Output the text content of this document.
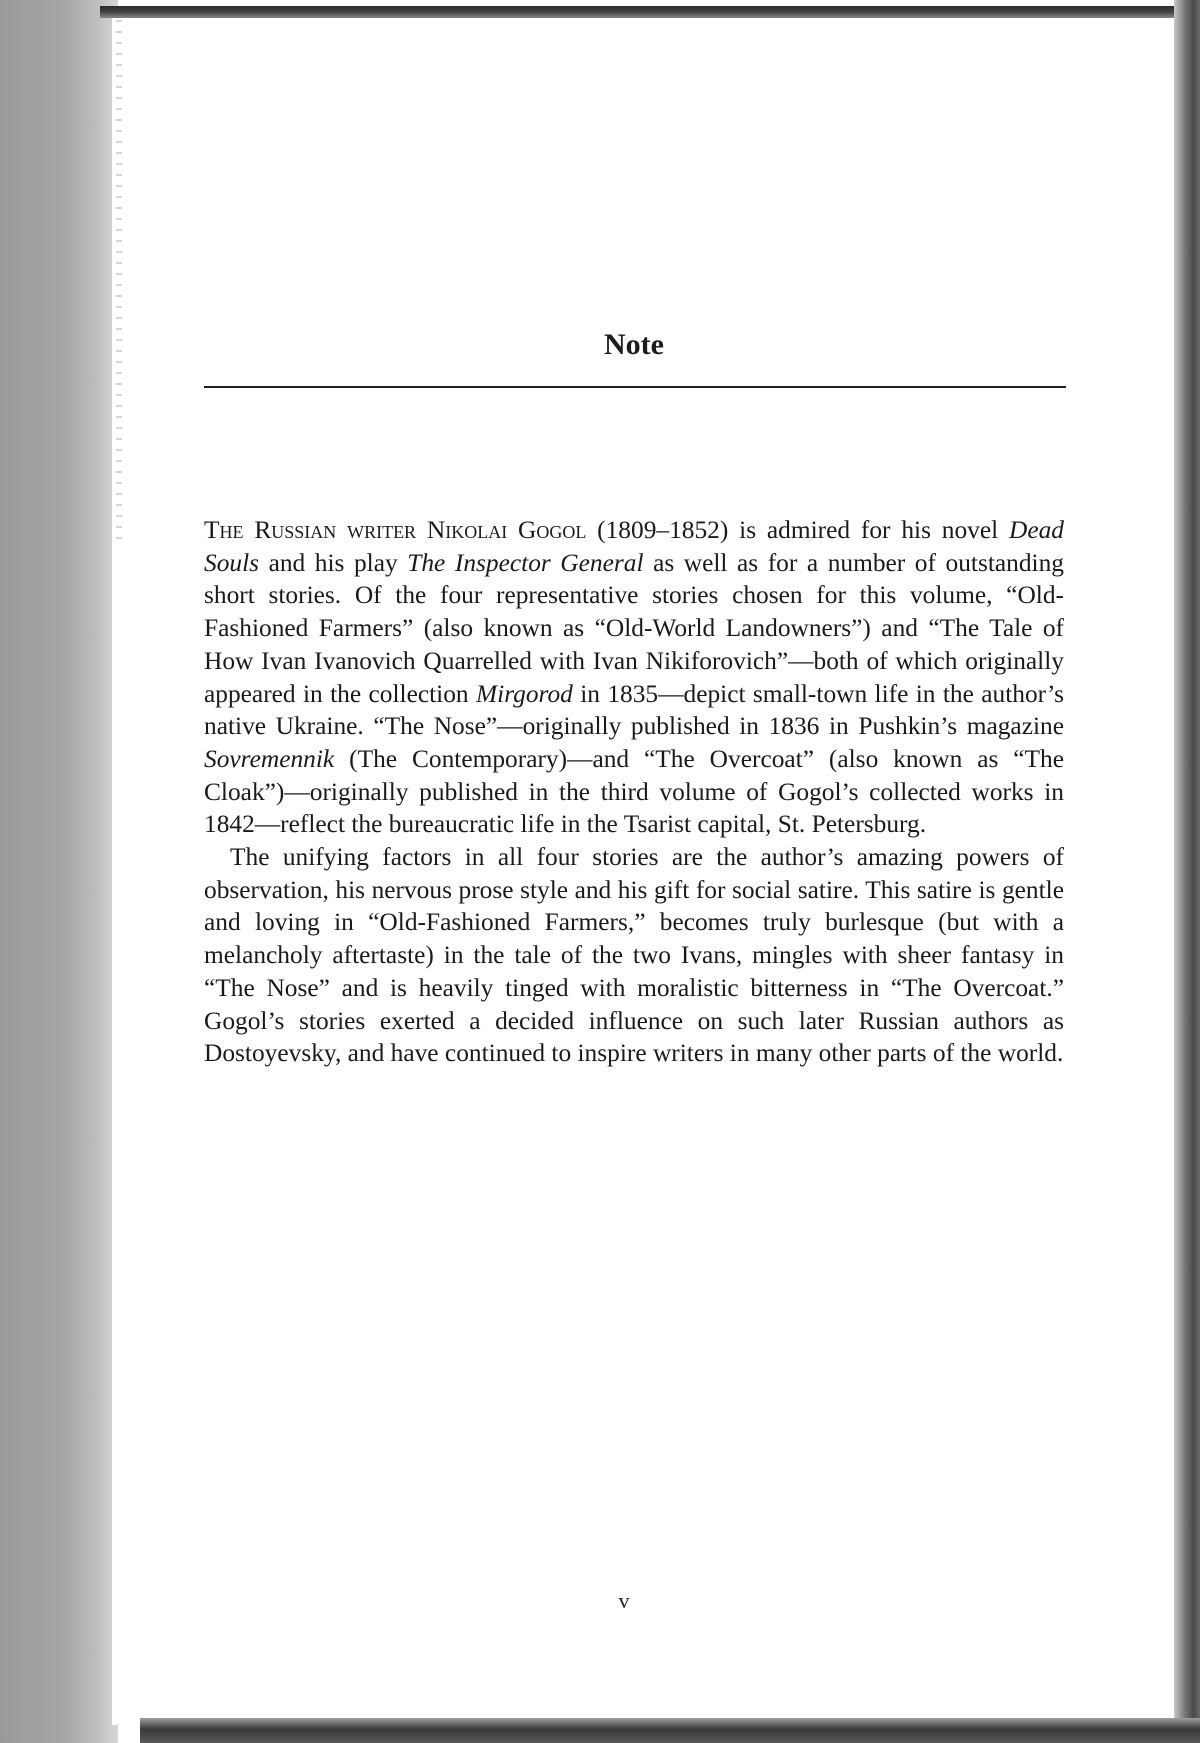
Note

The Russian writer Nikolai Gogol (1809–1852) is admired for his novel Dead Souls and his play The Inspector General as well as for a number of outstanding short stories. Of the four representative stories chosen for this volume, “Old-Fashioned Farmers” (also known as “Old-World Landowners”) and “The Tale of How Ivan Ivanovich Quarrelled with Ivan Nikiforovich”—both of which originally appeared in the collection Mirgorod in 1835—depict small-town life in the author’s native Ukraine. “The Nose”—originally published in 1836 in Pushkin’s magazine Sovremennik (The Contemporary)—and “The Overcoat” (also known as “The Cloak”)—originally published in the third volume of Gogol’s collected works in 1842—reflect the bureaucratic life in the Tsarist capital, St. Petersburg.

The unifying factors in all four stories are the author’s amazing powers of observation, his nervous prose style and his gift for social satire. This satire is gentle and loving in “Old-Fashioned Farmers,” becomes truly burlesque (but with a melancholy aftertaste) in the tale of the two Ivans, mingles with sheer fantasy in “The Nose” and is heavily tinged with moralistic bitterness in “The Overcoat.” Gogol’s stories exerted a decided influence on such later Russian authors as Dostoyevsky, and have continued to inspire writers in many other parts of the world.

v
